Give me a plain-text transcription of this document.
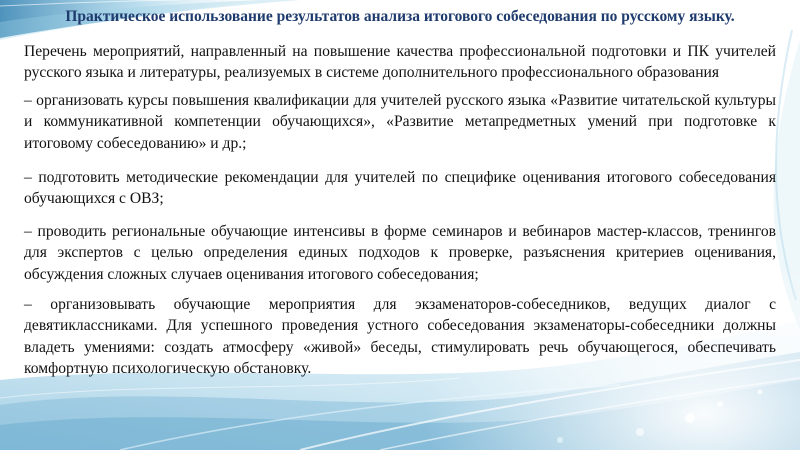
Практическое использование результатов анализа итогового собеседования по русскому языку.

Перечень мероприятий, направленный на повышение качества профессиональной подготовки и ПК учителей русского языка и литературы, реализуемых в системе дополнительного профессионального образования

– организовать курсы повышения квалификации для учителей русского языка «Развитие читательской культуры и коммуникативной компетенции обучающихся», «Развитие метапредметных умений при подготовке к итоговому собеседованию» и др.;

– подготовить методические рекомендации для учителей по специфике оценивания итогового собеседования обучающихся с ОВЗ;

– проводить региональные обучающие интенсивы в форме семинаров и вебинаров мастер-классов, тренингов для экспертов с целью определения единых подходов к проверке, разъяснения критериев оценивания, обсуждения сложных случаев оценивания итогового собеседования;

– организовывать обучающие мероприятия для экзаменаторов-собеседников, ведущих диалог с девятиклассниками. Для успешного проведения устного собеседования экзаменаторы-собеседники должны владеть умениями: создать атмосферу «живой» беседы, стимулировать речь обучающегося, обеспечивать комфортную психологическую обстановку.
